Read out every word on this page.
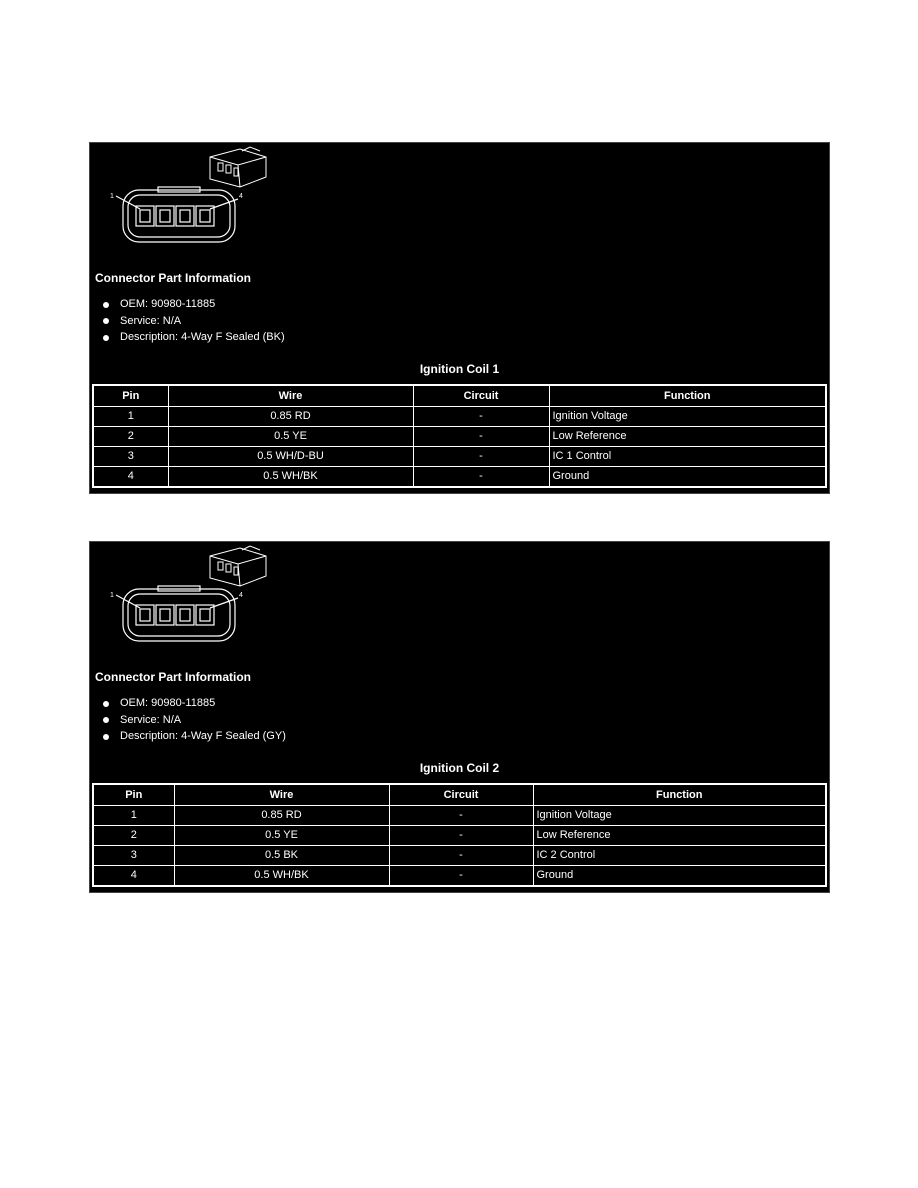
1	4

Connector Part Information

OEM: 90980-11885
Service: N/A
Description: 4-Way F Sealed (BK)

Ignition Coil 1

Pin	Wire	Circuit	Function
1	0.85 RD	-	Ignition Voltage
2	0.5 YE	-	Low Reference
3	0.5 WH/D-BU	-	IC 1 Control
4	0.5 WH/BK	-	Ground
1	4

Connector Part Information

OEM: 90980-11885
Service: N/A
Description: 4-Way F Sealed (GY)

Ignition Coil 2

Pin	Wire	Circuit	Function
1	0.85 RD	-	Ignition Voltage
2	0.5 YE	-	Low Reference
3	0.5 BK	-	IC 2 Control
4	0.5 WH/BK	-	Ground
